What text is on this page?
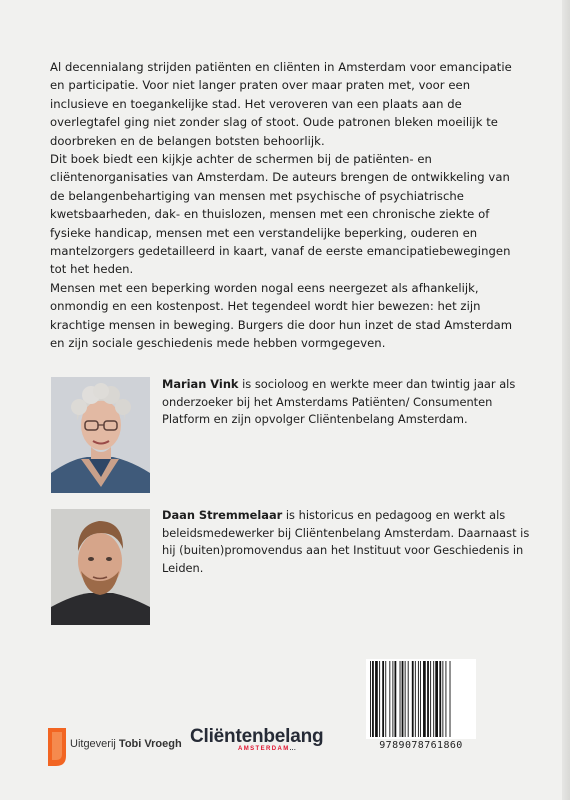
Al decennialang strijden patiënten en cliënten in Amsterdam voor emancipatie en participatie. Voor niet langer praten over maar praten met, voor een inclusieve en toegankelijke stad. Het veroveren van een plaats aan de overlegtafel ging niet zonder slag of stoot. Oude patronen bleken moeilijk te doorbreken en de belangen botsten behoorlijk.

Dit boek biedt een kijkje achter de schermen bij de patiënten- en cliëntenorganisaties van Amsterdam. De auteurs brengen de ontwikkeling van de belangenbehartiging van mensen met psychische of psychiatrische kwetsbaarheden, dak- en thuislozen, mensen met een chronische ziekte of fysieke handicap, mensen met een verstandelijke beperking, ouderen en mantelzorgers gedetailleerd in kaart, vanaf de eerste emancipatiebewegingen tot het heden.

Mensen met een beperking worden nogal eens neergezet als afhankelijk, onmondig en een kostenpost. Het tegendeel wordt hier bewezen: het zijn krachtige mensen in beweging. Burgers die door hun inzet de stad Amsterdam en zijn sociale geschiedenis mede hebben vormgegeven.

Marian Vink is socioloog en werkte meer dan twintig jaar als onderzoeker bij het Amsterdams Patiënten/ Consumenten Platform en zijn opvolger Cliëntenbelang Amsterdam.
Daan Stremmelaar is historicus en pedagoog en werkt als beleidsmedewerker bij Cliëntenbelang Amsterdam. Daarnaast is hij (buiten)promovendus aan het Instituut voor Geschiedenis in Leiden.
Uitgeverij Tobi Vroegh Cliëntenbelang
AMSTERDAM...	9789078761860
